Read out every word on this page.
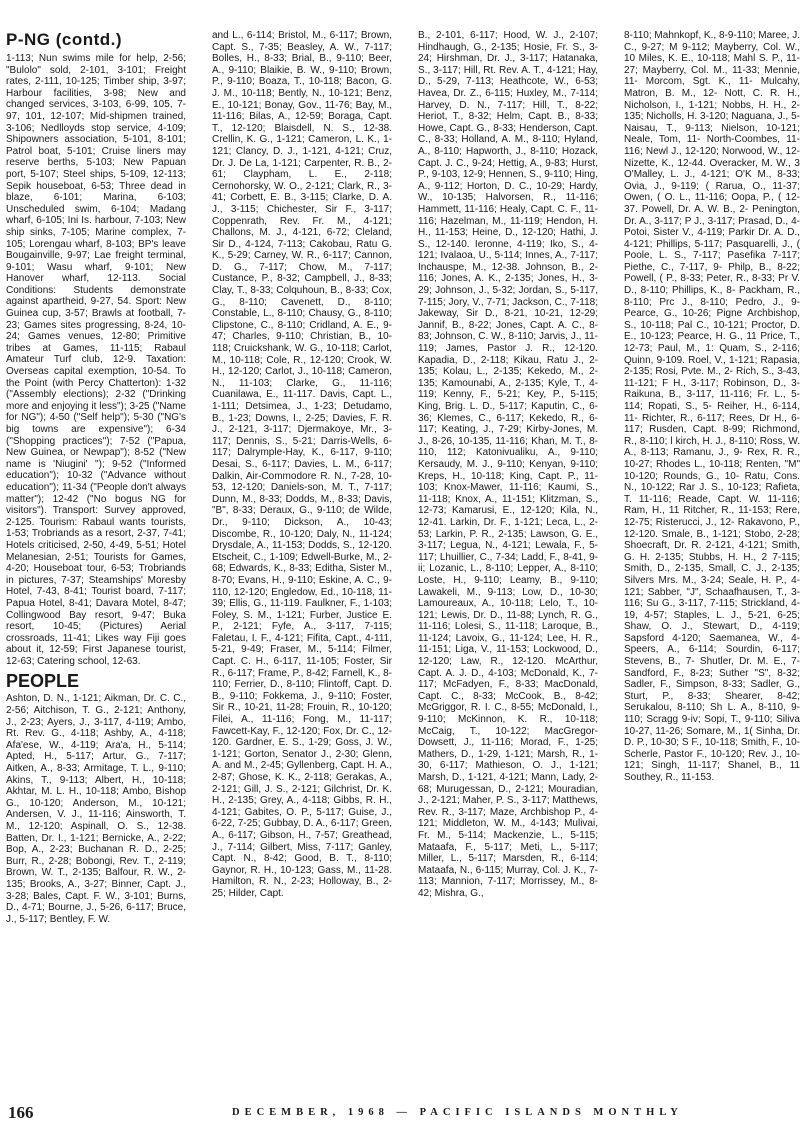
P-NG (contd.)

1-113; Nun swims mile for help, 2-56; "Bulolo" sold, 2-101, 3-101; Freight rates, 2-111, 10-125; Timber ship, 3-97; Harbour facilities, 3-98; New and changed services, 3-103, 6-99, 105, 7-97, 101, 12-107; Mid-shipmen trained, 3-106; Nedlloyds stop service, 4-109; Shipowners association, 5-101, 8-101; Patrol boat, 5-101; Cruise liners may reserve berths, 5-103; New Papuan port, 5-107; Steel ships, 5-109, 12-113; Sepik houseboat, 6-53; Three dead in blaze, 6-101; Marina, 6-103; Unscheduled swim, 6-104; Madang wharf, 6-105; Ini Is. harbour, 7-103; New ship sinks, 7-105; Marine complex, 7-105; Lorengau wharf, 8-103; BP's leave Bougainville, 9-97; Lae freight terminal, 9-101; Wasu wharf, 9-101; New Hanover wharf, 12-113. Social Conditions: Students demonstrate against apartheid, 9-27, 54. Sport: New Guinea cup, 3-57; Brawls at football, 7-23; Games sites progressing, 8-24, 10-24; Games venues, 12-80; Primitive tribes at Games, 11-115; Rabaul Amateur Turf club, 12-9. Taxation: Overseas capital exemption, 10-54. To the Point (with Percy Chatterton): 1-32 ("Assembly elections); 2-32 ("Drinking more and enjoying it less"); 3-25 ("Name for NG"); 4-50 ("Self help"); 5-30 ("NG's big towns are expensive"); 6-34 ("Shopping practices"); 7-52 ("Papua, New Guinea, or Newpap"); 8-52 ("New name is 'Niugini' "); 9-52 ("Informed education"); 10-32 ("Advance without education"); 11-34 ("People don't always matter"); 12-42 ("No bogus NG for visitors"). Transport: Survey approved, 2-125. Tourism: Rabaul wants tourists, 1-53; Trobriands as a resort, 2-37, 7-41; Hotels criticised, 2-50, 4-49, 5-51; Hotel Melanesian, 2-51; Tourists for Games, 4-20; Houseboat tour, 6-53; Trobriands in pictures, 7-37; Steamships' Moresby Hotel, 7-43, 8-41; Tourist board, 7-117; Papua Hotel, 8-41; Davara Motel, 8-47; Collingwood Bay resort, 9-47; Buka resort, 10-45; (Pictures) Aerial crossroads, 11-41; Likes way Fiji goes about it, 12-59; First Japanese tourist, 12-63; Catering school, 12-63.

PEOPLE

Ashton, D. N., 1-121; Aikman, Dr. C. C., 2-56; Aitchison, T. G., 2-121; Anthony, J., 2-23; Ayers, J., 3-117, 4-119; Ambo, Rt. Rev. G., 4-118; Ashby, A., 4-118; Afa'ese, W., 4-119; Ara'a, H., 5-114; Apted, H., 5-117; Artur, G., 7-117; Aitken, A., 8-33; Armitage, T. L., 9-110; Akins, T., 9-113; Albert, H., 10-118; Akhtar, M. L. H., 10-118; Ambo, Bishop G., 10-120; Anderson, M., 10-121; Andersen, V. J., 11-116; Ainsworth, T. M., 12-120; Aspinall, O. S., 12-38. Batten, Dr. I., 1-121; Bernicke, A., 2-22; Bop, A., 2-23; Buchanan R. D., 2-25; Burr, R., 2-28; Bobongi, Rev. T., 2-119; Brown, W. T., 2-135; Balfour, R. W., 2-135; Brooks, A., 3-27; Binner, Capt. J., 3-28; Bales, Capt. F. W., 3-101; Burns, D., 4-71; Bourne, J., 5-26, 6-117; Bruce, J., 5-117; Bentley, F. W.

and L., 6-114; Bristol, M., 6-117; Brown, Capt. S., 7-35; Beasley, A. W., 7-117; Bolles, H., 8-33; Brial, B., 9-110; Beer, A., 9-110; Blaikie, B. W., 9-110; Brown, P., 9-110; Boaza, T., 10-118; Bacon, G. J. M., 10-118; Bently, N., 10-121; Benz, E., 10-121; Bonay, Gov., 11-76; Bay, M., 11-116; Bilas, A., 12-59; Boraga, Capt. T., 12-120; Blaisdell, N. S., 12-38. Crellin, K. G., 1-121; Cameron, L. K., 1-121; Clancy, D. J., 1-121, 4-121; Cruz, Dr. J. De La, 1-121; Carpenter, R. B., 2-61; Claypham, L. E., 2-118; Cernohorsky, W. O., 2-121; Clark, R., 3-41; Corbett, E. B., 3-115; Clarke, D. A. J., 3-115; Chichester, Sir F., 3-117; Coppenrath, Rev. Fr. M., 4-121; Challons, M. J., 4-121, 6-72; Cleland, Sir D., 4-124, 7-113; Cakobau, Ratu G. K., 5-29; Carney, W. R., 6-117; Cannon, D. G., 7-117; Chow, M., 7-117; Custance, P., 8-32; Campbell, J., 8-33; Clay, T., 8-33; Colquhoun, B., 8-33; Cox, G., 8-110; Cavenett, D., 8-110; Constable, L., 8-110; Chausy, G., 8-110; Clipstone, C., 8-110; Cridland, A. E., 9-47; Charles, 9-110; Christian, B., 10-118; Cruickshank, W. G., 10-118; Carlot, M., 10-118; Cole, R., 12-120; Crook, W. H., 12-120; Carlot, J., 10-118; Cameron, N., 11-103; Clarke, G., 11-116; Cuanilawa, E., 11-117. Davis, Capt. L., 1-111; Detsimea, J., 1-23; Detudamo, B., 1-23; Downs, I., 2-25; Davies, F. R. J., 2-121, 3-117; Djermakoye, Mr., 3-117; Dennis, S., 5-21; Darris-Wells, 6-117; Dalrymple-Hay, K., 6-117, 9-110; Desai, S., 6-117; Davies, L. M., 6-117; Dalkin, Air-Commodore R. N., 7-28, 10-53, 12-120; Daniels-son, M. T., 7-117; Dunn, M., 8-33; Dodds, M., 8-33; Davis, "B", 8-33; Deraux, G., 9-110; de Wilde, Dr., 9-110; Dickson, A., 10-43; Discombe, R., 10-120; Daly, N., 11-124; Drysdale, A., 11-153; Dodds, S., 12-120. Etscheit, C., 1-109; Edwell-Burke, M., 2-68; Edwards, K., 8-33; Editha, Sister M., 8-70; Evans, H., 9-110; Eskine, A. C., 9-110, 12-120; Engledow, Ed., 10-118, 11-39; Ellis, G., 11-119. Faulkner, F., 1-103; Foley, S. M., 1-121; Furber, Justice E. P., 2-121; Fyfe, A., 3-117, 7-115; Faletau, I. F., 4-121; Fifita, Capt., 4-111, 5-21, 9-49; Fraser, M., 5-114; Filmer, Capt. C. H., 6-117, 11-105; Foster, Sir R., 6-117; Frame, P., 8-42; Farnell, K., 8-110; Ferrier, D., 8-110; Flintoff, Capt. D. B., 9-110; Fokkema, J., 9-110; Foster, Sir R., 10-21, 11-28; Frouin, R., 10-120; Filei, A., 11-116; Fong, M., 11-117; Fawcett-Kay, F., 12-120; Fox, Dr. C., 12-120. Gardner, E. S., 1-29; Goss, J. W., 1-121; Gorton, Senator J., 2-30; Glenn, A. and M., 2-45; Gyllenberg, Capt. H. A., 2-87; Ghose, K. K., 2-118; Gerakas, A., 2-121; Gill, J. S., 2-121; Gilchrist, Dr. K. H., 2-135; Grey, A., 4-118; Gibbs, R. H., 4-121; Gabites, O. P., 5-117; Guise, J., 6-22, 7-25; Gubbay, D. A., 6-117; Green, A., 6-117; Gibson, H., 7-57; Greathead, J., 7-114; Gilbert, Miss, 7-117; Ganley, Capt. N., 8-42; Good, B. T., 8-110; Gaynor, R. H., 10-123; Gass, M., 11-28. Hamilton, R. N., 2-23; Holloway, B., 2-25; Hilder, Capt.

B., 2-101, 6-117; Hood, W. J., 2-107; Hindhaugh, G., 2-135; Hosie, Fr. S., 3-24; Hirshman, Dr. J., 3-117; Hatanaka, S., 3-117; Hill, Rt. Rev. A. T., 4-121; Hay, D., 5-29, 7-113; Heathcote, W., 6-53; Havea, Dr. Z., 6-115; Huxley, M., 7-114; Harvey, D. N., 7-117; Hill, T., 8-22; Heriot, T., 8-32; Helm, Capt. B., 8-33; Howe, Capt. G., 8-33; Henderson, Capt. C., 8-33; Holland, A. M., 8-110; Hyland, A., 8-110; Hapworth, J., 8-110; Hozack, Capt. J. C., 9-24; Hettig, A., 9-83; Hurst, P., 9-103, 12-9; Hennen, S., 9-110; Hing, A., 9-112; Horton, D. C., 10-29; Hardy, W., 10-135; Halvorsen, R., 11-116; Hammett, 11-116; Healy, Capt. C. F., 11-116; Hazelman, M., 11-119; Hendon, H. H., 11-153; Heine, D., 12-120; Hathi, J. S., 12-140. Ieronne, 4-119; Iko, S., 4-121; Ivalaoa, U., 5-114; Innes, A., 7-117; Inchauspe, M., 12-38. Johnson, B., 2-116; Jones, A. K., 2-135; Jones, H., 3-29; Johnson, J., 5-32; Jordan, S., 5-117, 7-115; Jory, V., 7-71; Jackson, C., 7-118; Jakeway, Sir D., 8-21, 10-21, 12-29; Jannif, B., 8-22; Jones, Capt. A. C., 8-83; Johnson, C. W., 8-110; Jarvis, J., 11-119; James, Pastor J. R., 12-120. Kapadia, D., 2-118; Kikau, Ratu J., 2-135; Kolau, L., 2-135; Kekedo, M., 2-135; Kamounabi, A., 2-135; Kyle, T., 4-119; Kenny, F., 5-21; Key, P., 5-115; King, Brig. L. D., 5-117; Kaputin, C., 6-36; Klemes, C., 6-117; Kekedo, R., 6-117; Keating, J., 7-29; Kirby-Jones, M. J., 8-26, 10-135, 11-116; Khan, M. T., 8-110, 112; Katonivualiku, A., 9-110; Kersaudy, M. J., 9-110; Kenyan, 9-110; Kreps, H., 10-118; King, Capt. P., 11-103; Knox-Mawer, 11-116; Kaumi, S., 11-118; Knox, A., 11-151; Klitzman, S., 12-73; Kamarusi, E., 12-120; Kila, N., 12-41. Larkin, Dr. F., 1-121; Leca, L., 2-53; Larkin, P. R., 2-135; Lawson, G. E., 3-117; Legua, N., 4-121; Lewala, F., 5-117; Lhuillier, C., 7-34; Ladd, F., 8-41, 9-ii; Lozanic, L., 8-110; Lepper, A., 8-110; Loste, H., 9-110; Leamy, B., 9-110; Lawakeli, M., 9-113; Low, D., 10-30; Lamoureaux, A., 10-118; Lelo, T., 10-121; Lewis, Dr. D., 11-88; Lynch, R. G., 11-116; Lolesi, S., 11-118; Laroque, B., 11-124; Lavoix, G., 11-124; Lee, H. R., 11-151; Liga, V., 11-153; Lockwood, D., 12-120; Law, R., 12-120. McArthur, Capt. A. J. D., 4-103; McDonald, K., 7-117; McFadyen, F., 8-33; MacDonald, Capt. C., 8-33; McCook, B., 8-42; McGriggor, R. I. C., 8-55; McDonald, I., 9-110; McKinnon, K. R., 10-118; McCaig, T., 10-122; MacGregor-Dowsett, J., 11-116; Morad, F., 1-25; Mathers, D., 1-29, 1-121; Marsh, R., 1-30, 6-117; Mathieson, O. J., 1-121; Marsh, D., 1-121, 4-121; Mann, Lady, 2-68; Murugessan, D., 2-121; Mouradian, J., 2-121; Maher, P. S., 3-117; Matthews, Rev. R., 3-117; Maze, Archbishop P., 4-121; Middleton, W. M., 4-143; Mulivai, Fr. M., 5-114; Mackenzie, L., 5-115; Mataafa, F., 5-117; Meti, L., 5-117; Miller, L., 5-117; Marsden, R., 6-114; Mataafa, N., 6-115; Murray, Col. J. K., 7-113; Mannion, 7-117; Morrissey, M., 8-42; Mishra, G.,

8-110; Mahnkopf, K., 8-9-110; Maree, J. C., 9-27; M 9-112; Mayberry, Col. W., 10 Miles, K. E., 10-118; Mahl S. P., 11-27; Mayberry, Col. M., 11-33; Mennie, 11- Morcom, Sgt. K., 11- Mulcahy, Matron, B. M., 12- Nott, C. R. H., Nicholson, I., 1-121; Nobbs, H. H., 2-135; Nicholls, H. 3-120; Naguana, J., 5- Naisau, T., 9-113; Nielson, 10-121; Neale, Tom, 11- North-Coombes, 11-116; Newl J., 12-120; Norwood, W., 12- Nizette, K., 12-44. Overacker, M. W., 3 O'Malley, L. J., 4-121; O'K M., 8-33; Ovia, J., 9-119; ( Rarua, O., 11-37; Owen, ( O. L., 11-116; Oopa, P., ( 12-37. Powell, Dr. A. W. B., 2- Penington, Dr. A., 3-117; P J., 3-117; Prasad, D., 4- Potoi, Sister V., 4-119; Parkir Dr. A. D., 4-121; Phillips, 5-117; Pasquarelli, J., ( Poole, L. S., 7-117; Pasefika 7-117; Piethe, C., 7-117, 9- Philp, B., 8-22; Powell, ( P., 8-33; Peter, R., 8-33; Pr V. D., 8-110; Phillips, K., 8- Packham, R., 8-110; Prc J., 8-110; Pedro, J., 9- Pearce, G., 10-26; Pigne Archbishop, S., 10-118; Pal C., 10-121; Proctor, D. E., 10-123; Pearce, H. G., 11 Price, T., 12-73; Paul, M., 1: Quam, S., 2-116; Quinn, 9-109. Roel, V., 1-121; Rapasia, 2-135; Rosi, Pvte. M., 2- Rich, S., 3-43, 11-121; F H., 3-117; Robinson, D., 3- Raikuna, B., 3-117, 11-116; Fr. L., 5-114; Ropati, S., 5- Reiher, H., 6-114, 11- Richter, R., 6-117; Rees, Dr H., 6-117; Rusden, Capt. 8-99; Richmond, R., 8-110; l kirch, H. J., 8-110; Ross, W. A., 8-113; Ramanu, J., 9- Rex, R. R., 10-27; Rhodes L., 10-118; Renten, "M" 10-120; Rounds, G., 10- Ratu, Cons. N., 10-122; Rar J. S., 10-123; Rafieta, T. 11-116; Reade, Capt. W. 11-116; Ram, H., 11 Ritcher, R., 11-153; Rere, 12-75; Risterucci, J., 12- Rakavono, P., 12-120. Smale, B., 1-121; Stobo, 2-28; Shoecraft, Dr. R. 2-121, 4-121; Smith, G. H. 2-135; Stubbs, H. H., 2 7-115; Smith, D., 2-135, Small, C. J., 2-135; Silvers Mrs. M., 3-24; Seale, H. P., 4-121; Sabber, "J", Schaafhausen, T., 3-116; Su G., 3-117, 7-115; Strickland, 4-19, 4-57; Staples, L. J., 5-21, 6-25; Shaw, O. J., Stewart, D., 4-119; Sapsford 4-120; Saemanea, W., 4- Speers, A., 6-114; Sourdin, 6-117; Stevens, B., 7- Shutler, Dr. M. E., 7- Sandford, F., 8-23; Suther "S", 8-32; Sadler, F., Simpson, 8-33; Sadler, G., Sturt, P., 8-33; Shearer, 8-42; Serukalou, 8-110; Sh L. A., 8-110, 9-110; Scragg 9-iv; Sopi, T., 9-110; Siliva 10-27, 11-26; Somare, M., 1( Sinha, Dr. D. P., 10-30; S F., 10-118; Smith, F., 10- Scherle, Pastor F., 10-120; Rev. J., 10-121; Singh, 11-117; Shanel, B., 11 Southey, R., 11-153.

166	DECEMBER, 1968 — PACIFIC ISLANDS MONTHLY
